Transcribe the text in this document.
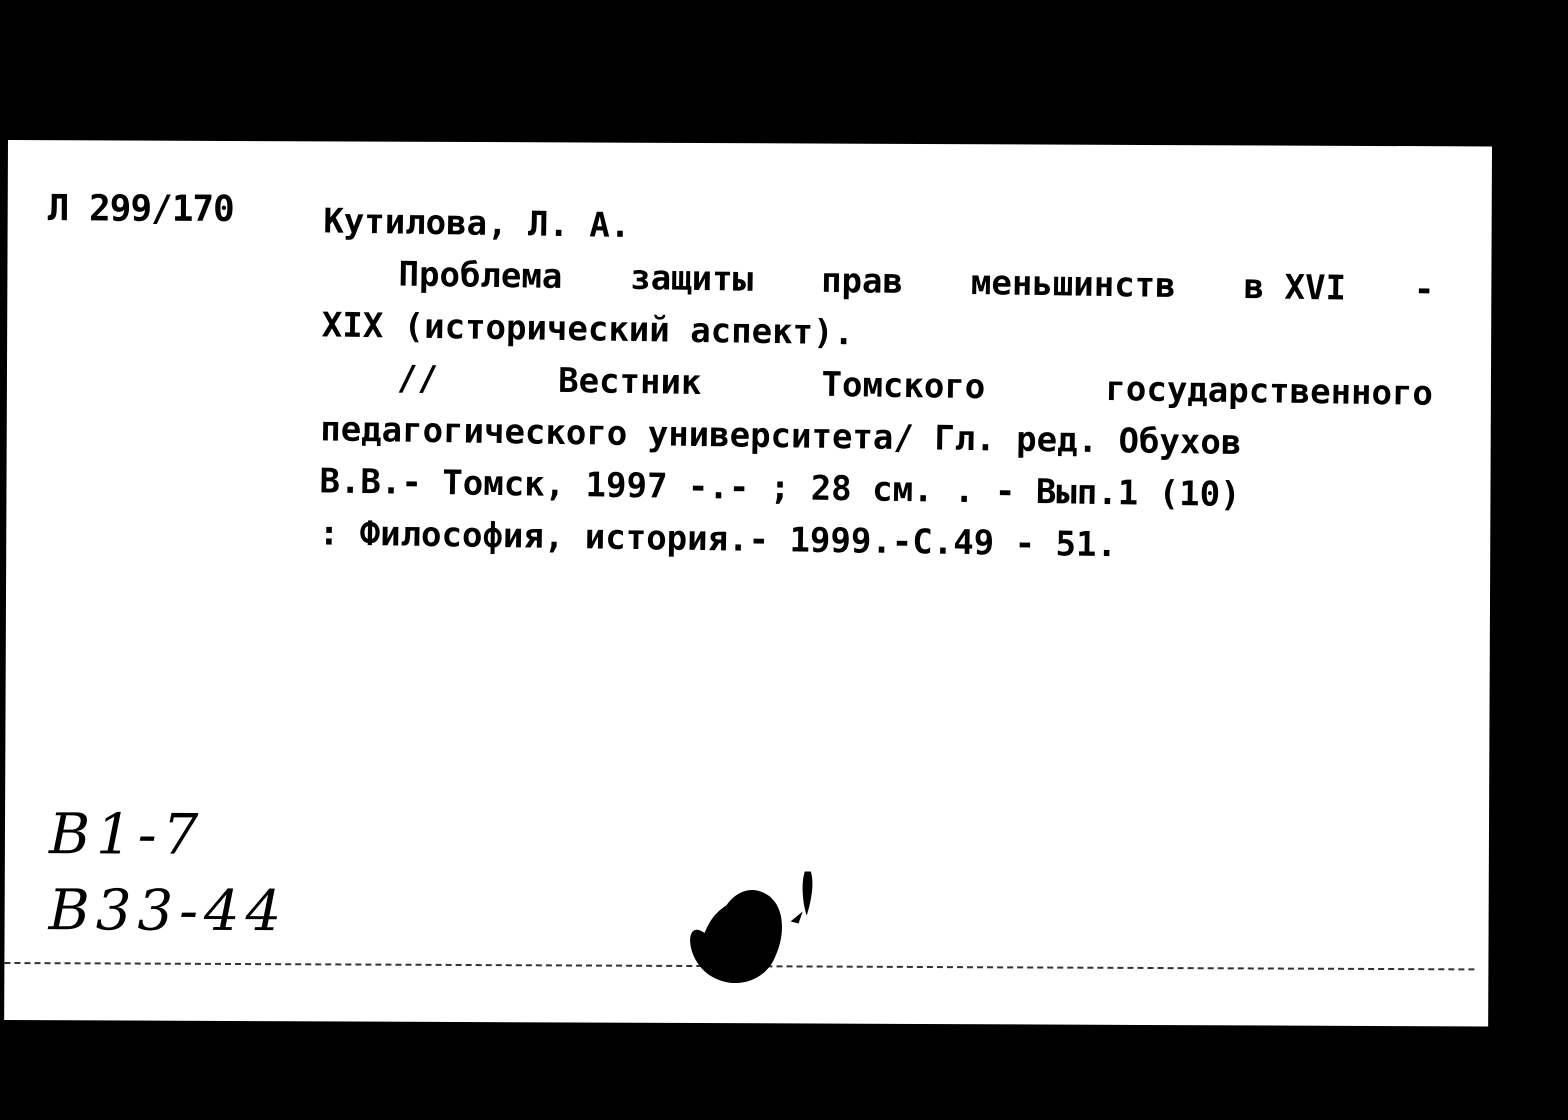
Л 299/170	Кутилова, Л. А.
Проблема защиты прав меньшинств в XVI -
XIX (исторический аспект).
//	Вестник	Томского	государственного
педагогического университета/ Гл. ред. Обухов
В.В.- Томск, 1997 -.- ; 28 см. . - Вып.1 (10)
: Философия, история.- 1999.-С.49 - 51.
В1-7
В33-44
